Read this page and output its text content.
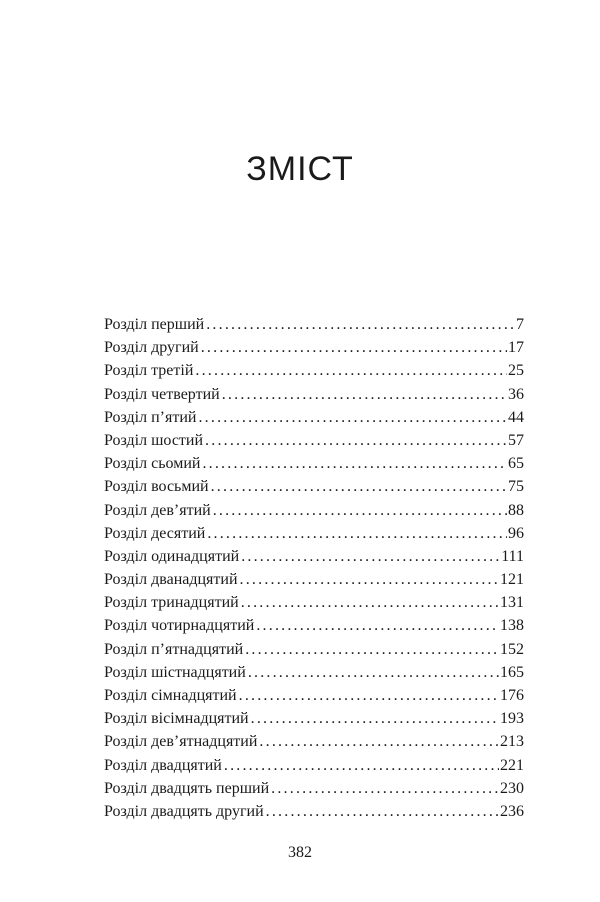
ЗМІСТ
Розділ перший .....	7
Розділ другий .....	17
Розділ третій .....	25
Розділ четвертий .....	36
Розділ п’ятий .....	44
Розділ шостий .....	57
Розділ сьомий .....	65
Розділ восьмий .....	75
Розділ дев’ятий .....	88
Розділ десятий .....	96
Розділ одинадцятий .....	111
Розділ дванадцятий .....	121
Розділ тринадцятий .....	131
Розділ чотирнадцятий .....	138
Розділ п’ятнадцятий .....	152
Розділ шістнадцятий .....	165
Розділ сімнадцятий .....	176
Розділ вісімнадцятий .....	193
Розділ дев’ятнадцятий .....	213
Розділ двадцятий .....	221
Розділ двадцять перший .....	230
Розділ двадцять другий .....	236
382
